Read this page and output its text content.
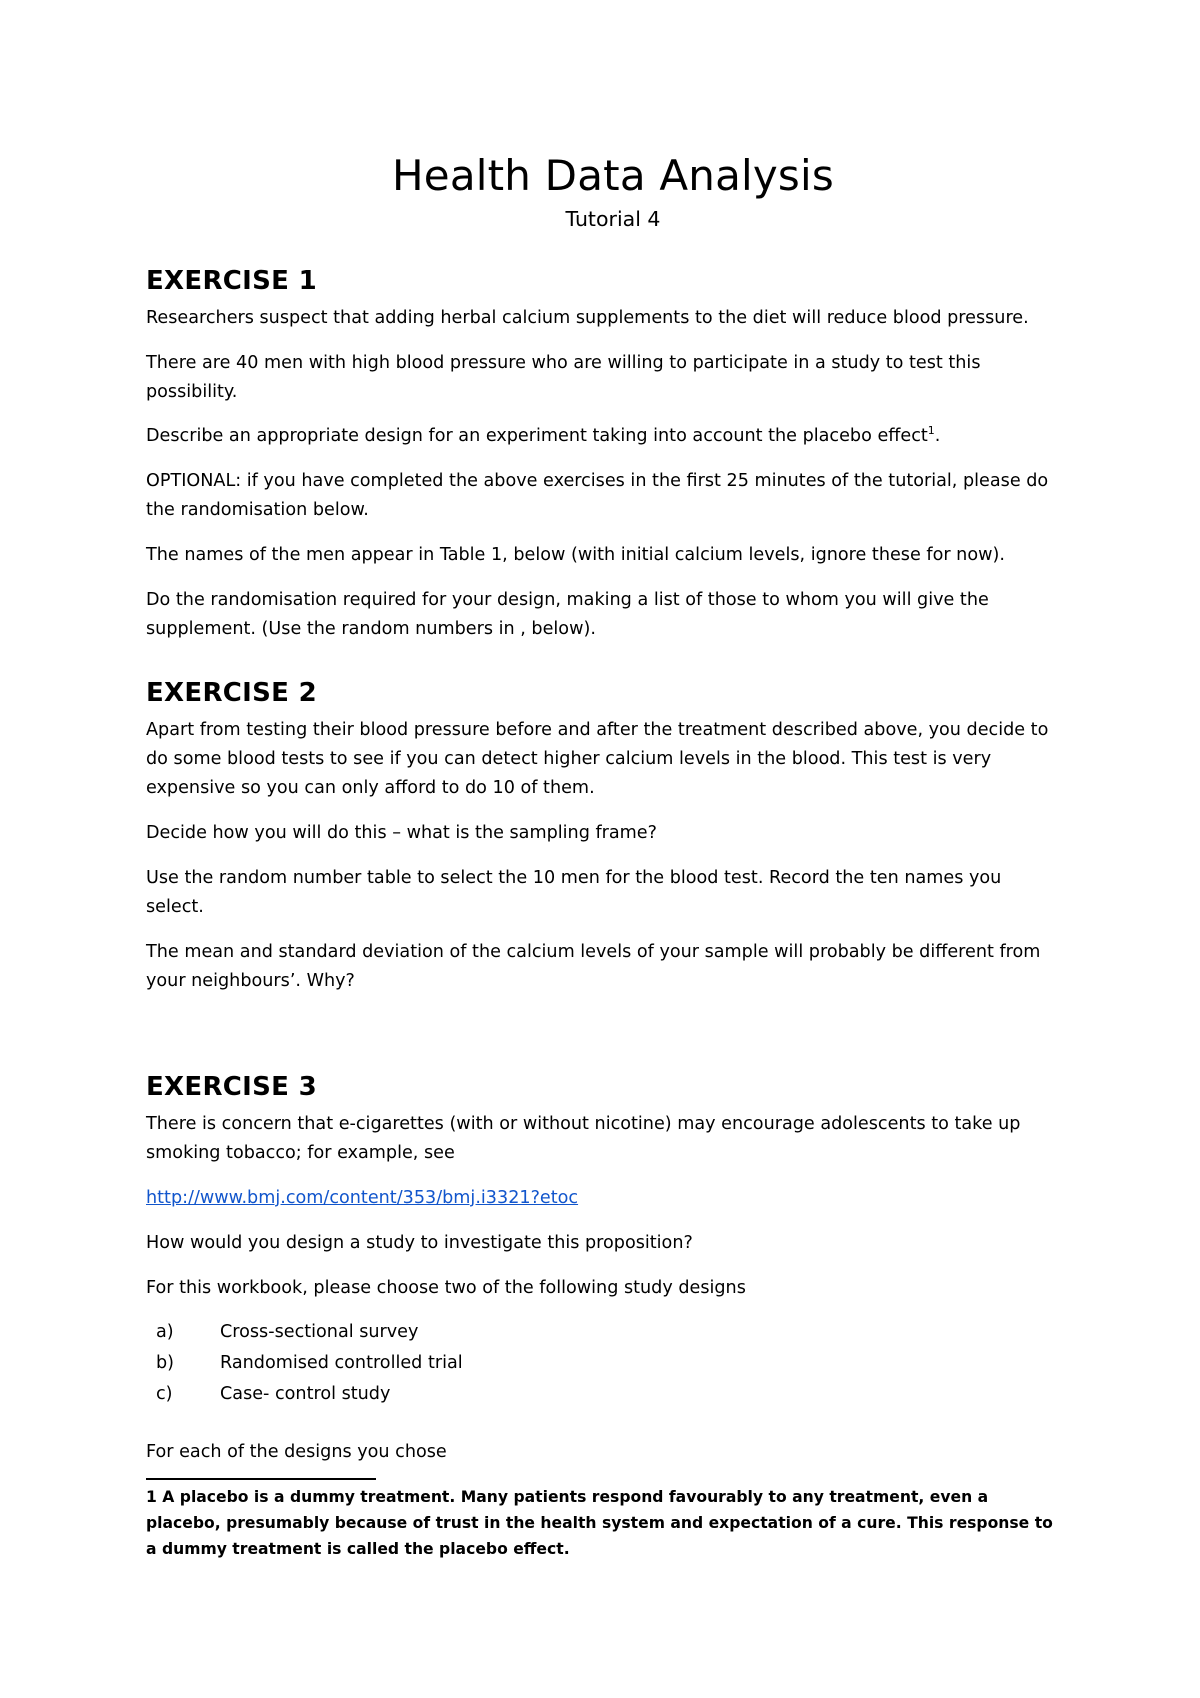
Health Data Analysis
Tutorial 4
EXERCISE 1

Researchers suspect that adding herbal calcium supplements to the diet will reduce blood pressure.

There are 40 men with high blood pressure who are willing to participate in a study to test this possibility.

Describe an appropriate design for an experiment taking into account the placebo effect$^1$.

OPTIONAL: if you have completed the above exercises in the first 25 minutes of the tutorial, please do the randomisation below.

The names of the men appear in Table 1, below (with initial calcium levels, ignore these for now).

Do the randomisation required for your design, making a list of those to whom you will give the supplement. (Use the random numbers in , below).

EXERCISE 2

Apart from testing their blood pressure before and after the treatment described above, you decide to do some blood tests to see if you can detect higher calcium levels in the blood. This test is very expensive so you can only afford to do 10 of them.

Decide how you will do this – what is the sampling frame?

Use the random number table to select the 10 men for the blood test. Record the ten names you select.

The mean and standard deviation of the calcium levels of your sample will probably be different from your neighbours’. Why?

EXERCISE 3

There is concern that e-cigarettes (with or without nicotine) may encourage adolescents to take up smoking tobacco; for example, see

http://www.bmj.com/content/353/bmj.i3321?etoc

How would you design a study to investigate this proposition?

For this workbook, please choose two of the following study designs

a)	Cross-sectional survey
b)	Randomised controlled trial
c)	Case- control study

For each of the designs you chose

1 A placebo is a dummy treatment. Many patients respond favourably to any treatment, even a placebo, presumably because of trust in the health system and expectation of a cure. This response to a dummy treatment is called the placebo effect.
